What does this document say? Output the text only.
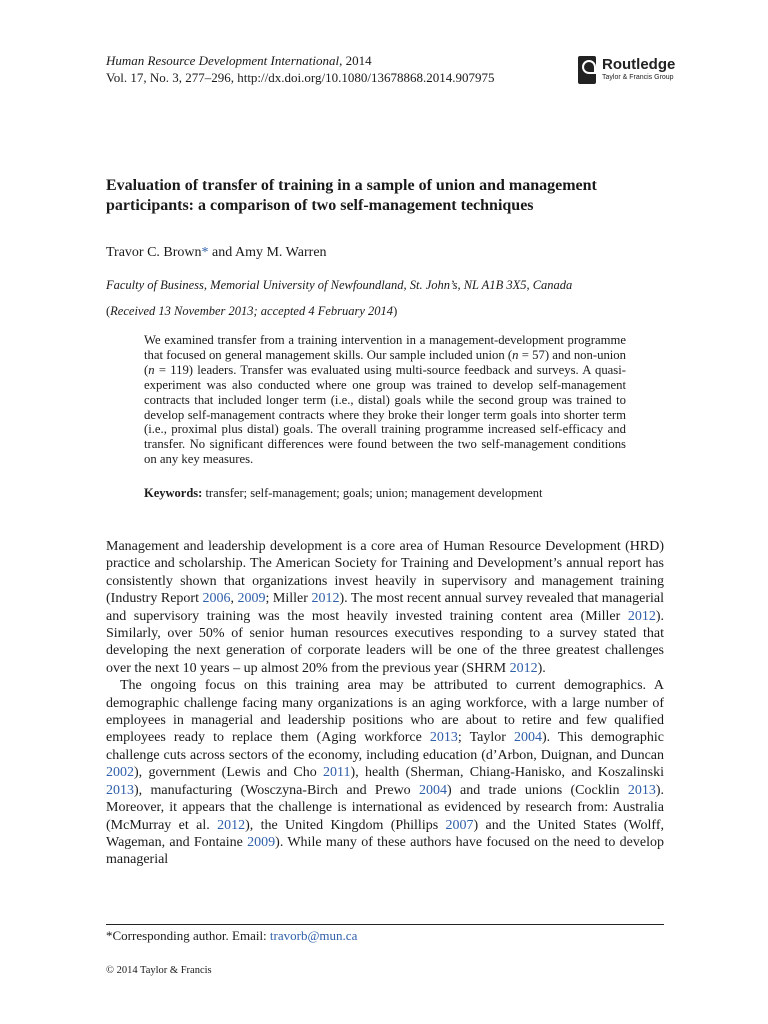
Human Resource Development International, 2014
Vol. 17, No. 3, 277–296, http://dx.doi.org/10.1080/13678868.2014.907975
Routledge
Taylor & Francis Group
Evaluation of transfer of training in a sample of union and management participants: a comparison of two self-management techniques
Travor C. Brown* and Amy M. Warren
Faculty of Business, Memorial University of Newfoundland, St. John’s, NL A1B 3X5, Canada
(Received 13 November 2013; accepted 4 February 2014)

We examined transfer from a training intervention in a management-development programme that focused on general management skills. Our sample included union (n = 57) and non-union (n = 119) leaders. Transfer was evaluated using multi-source feedback and surveys. A quasi-experiment was also conducted where one group was trained to develop self-management contracts that included longer term (i.e., distal) goals while the second group was trained to develop self-management contracts where they broke their longer term goals into shorter term (i.e., proximal plus distal) goals. The overall training programme increased self-efficacy and transfer. No significant differences were found between the two self-management conditions on any key measures.

Keywords: transfer; self-management; goals; union; management development

Management and leadership development is a core area of Human Resource Development (HRD) practice and scholarship. The American Society for Training and Development’s annual report has consistently shown that organizations invest heavily in supervisory and management training (Industry Report 2006, 2009; Miller 2012). The most recent annual survey revealed that managerial and supervisory training was the most heavily invested training content area (Miller 2012). Similarly, over 50% of senior human resources executives responding to a survey stated that developing the next generation of corporate leaders will be one of the three greatest challenges over the next 10 years – up almost 20% from the previous year (SHRM 2012).

The ongoing focus on this training area may be attributed to current demographics. A demographic challenge facing many organizations is an aging workforce, with a large number of employees in managerial and leadership positions who are about to retire and few qualified employees ready to replace them (Aging workforce 2013; Taylor 2004). This demographic challenge cuts across sectors of the economy, including education (d’Arbon, Duignan, and Duncan 2002), government (Lewis and Cho 2011), health (Sherman, Chiang-Hanisko, and Koszalinski 2013), manufacturing (Wosczyna-Birch and Prewo 2004) and trade unions (Cocklin 2013). Moreover, it appears that the challenge is international as evidenced by research from: Australia (McMurray et al. 2012), the United Kingdom (Phillips 2007) and the United States (Wolff, Wageman, and Fontaine 2009). While many of these authors have focused on the need to develop managerial

*Corresponding author. Email: travorb@mun.ca
© 2014 Taylor & Francis
